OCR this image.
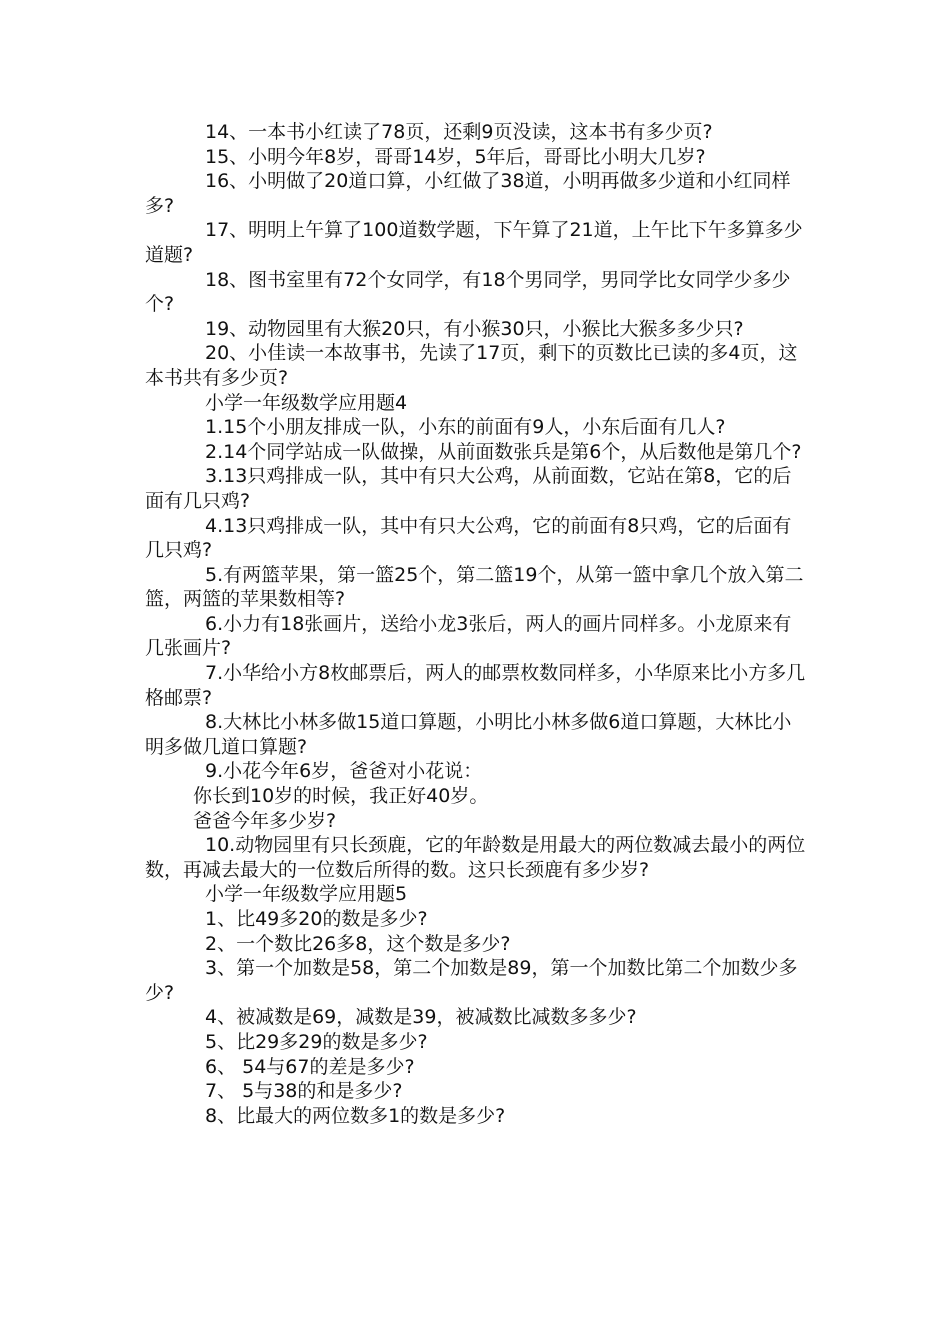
14、一本书小红读了78页，还剩9页没读，这本书有多少页?

15、小明今年8岁，哥哥14岁，5年后，哥哥比小明大几岁?

16、小明做了20道口算，小红做了38道，小明再做多少道和小红同样多?

17、明明上午算了100道数学题，下午算了21道，上午比下午多算多少道题?

18、图书室里有72个女同学，有18个男同学，男同学比女同学少多少个?

19、动物园里有大猴20只，有小猴30只，小猴比大猴多多少只?

20、小佳读一本故事书，先读了17页，剩下的页数比已读的多4页，这本书共有多少页?

小学一年级数学应用题4

1.15个小朋友排成一队，小东的前面有9人，小东后面有几人?

2.14个同学站成一队做操，从前面数张兵是第6个，从后数他是第几个?

3.13只鸡排成一队，其中有只大公鸡，从前面数，它站在第8，它的后面有几只鸡?

4.13只鸡排成一队，其中有只大公鸡，它的前面有8只鸡，它的后面有几只鸡?

5.有两篮苹果，第一篮25个，第二篮19个，从第一篮中拿几个放入第二篮，两篮的苹果数相等?

6.小力有18张画片，送给小龙3张后，两人的画片同样多。小龙原来有几张画片?

7.小华给小方8枚邮票后，两人的邮票枚数同样多，小华原来比小方多几格邮票?

8.大林比小林多做15道口算题，小明比小林多做6道口算题，大林比小明多做几道口算题?

9.小花今年6岁，爸爸对小花说：

你长到10岁的时候，我正好40岁。

爸爸今年多少岁?

10.动物园里有只长颈鹿，它的年龄数是用最大的两位数减去最小的两位数，再减去最大的一位数后所得的数。这只长颈鹿有多少岁?

小学一年级数学应用题5

1、比49多20的数是多少?

2、一个数比26多8，这个数是多少?

3、第一个加数是58，第二个加数是89，第一个加数比第二个加数少多少?

4、被减数是69，减数是39，被减数比减数多多少?

5、比29多29的数是多少?

6、 54与67的差是多少?

7、 5与38的和是多少?

8、比最大的两位数多1的数是多少?
